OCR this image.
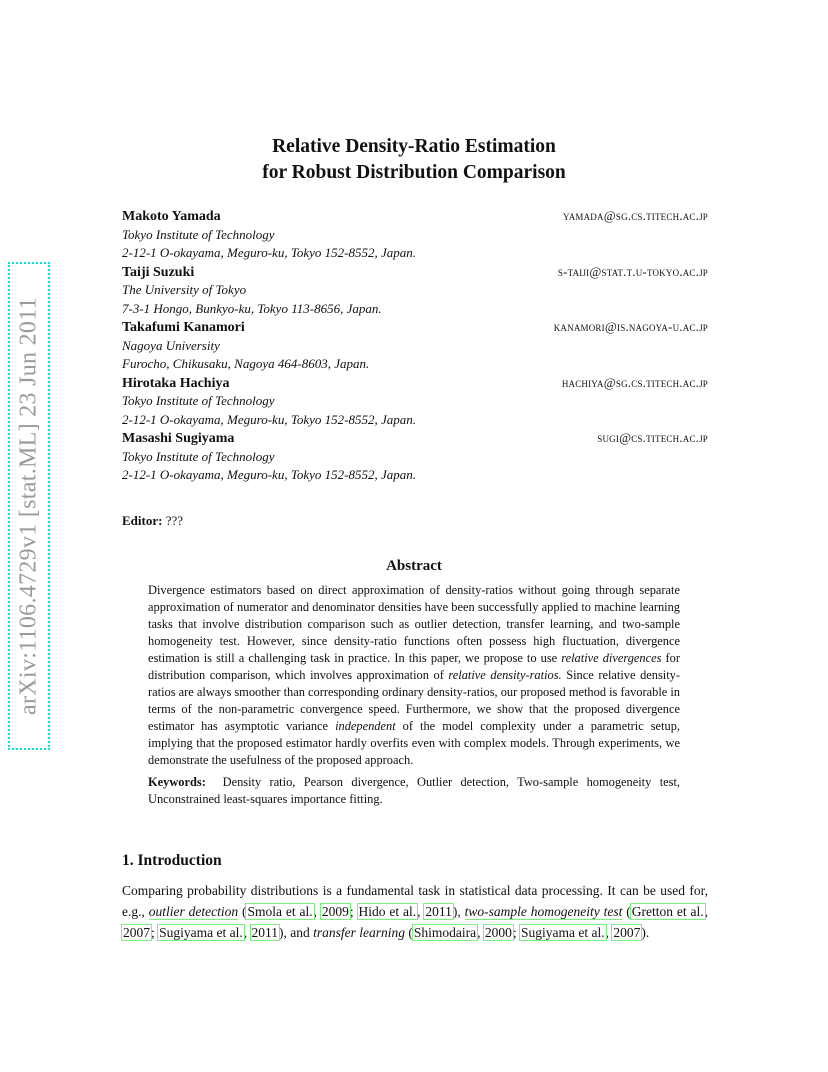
arXiv:1106.4729v1 [stat.ML] 23 Jun 2011
Relative Density-Ratio Estimation
for Robust Distribution Comparison
Makoto Yamada	yamada@sg.cs.titech.ac.jp
Tokyo Institute of Technology
2-12-1 O-okayama, Meguro-ku, Tokyo 152-8552, Japan.
Taiji Suzuki	s-taiji@stat.t.u-tokyo.ac.jp
The University of Tokyo
7-3-1 Hongo, Bunkyo-ku, Tokyo 113-8656, Japan.
Takafumi Kanamori	kanamori@is.nagoya-u.ac.jp
Nagoya University
Furocho, Chikusaku, Nagoya 464-8603, Japan.
Hirotaka Hachiya	hachiya@sg.cs.titech.ac.jp
Tokyo Institute of Technology
2-12-1 O-okayama, Meguro-ku, Tokyo 152-8552, Japan.
Masashi Sugiyama	sugi@cs.titech.ac.jp
Tokyo Institute of Technology
2-12-1 O-okayama, Meguro-ku, Tokyo 152-8552, Japan.
Editor: ???
Abstract

Divergence estimators based on direct approximation of density-ratios without going through separate approximation of numerator and denominator densities have been successfully applied to machine learning tasks that involve distribution comparison such as outlier detection, transfer learning, and two-sample homogeneity test. However, since density-ratio functions often possess high fluctuation, divergence estimation is still a challenging task in practice. In this paper, we propose to use relative divergences for distribution comparison, which involves approximation of relative density-ratios. Since relative density-ratios are always smoother than corresponding ordinary density-ratios, our proposed method is favorable in terms of the non-parametric convergence speed. Furthermore, we show that the proposed divergence estimator has asymptotic variance independent of the model complexity under a parametric setup, implying that the proposed estimator hardly overfits even with complex models. Through experiments, we demonstrate the usefulness of the proposed approach.

Keywords: Density ratio, Pearson divergence, Outlier detection, Two-sample homogeneity test, Unconstrained least-squares importance fitting.

1. Introduction

Comparing probability distributions is a fundamental task in statistical data processing. It can be used for, e.g., outlier detection (Smola et al., 2009; Hido et al., 2011), two-sample homogeneity test (Gretton et al., 2007; Sugiyama et al., 2011), and transfer learning (Shimodaira, 2000; Sugiyama et al., 2007).
